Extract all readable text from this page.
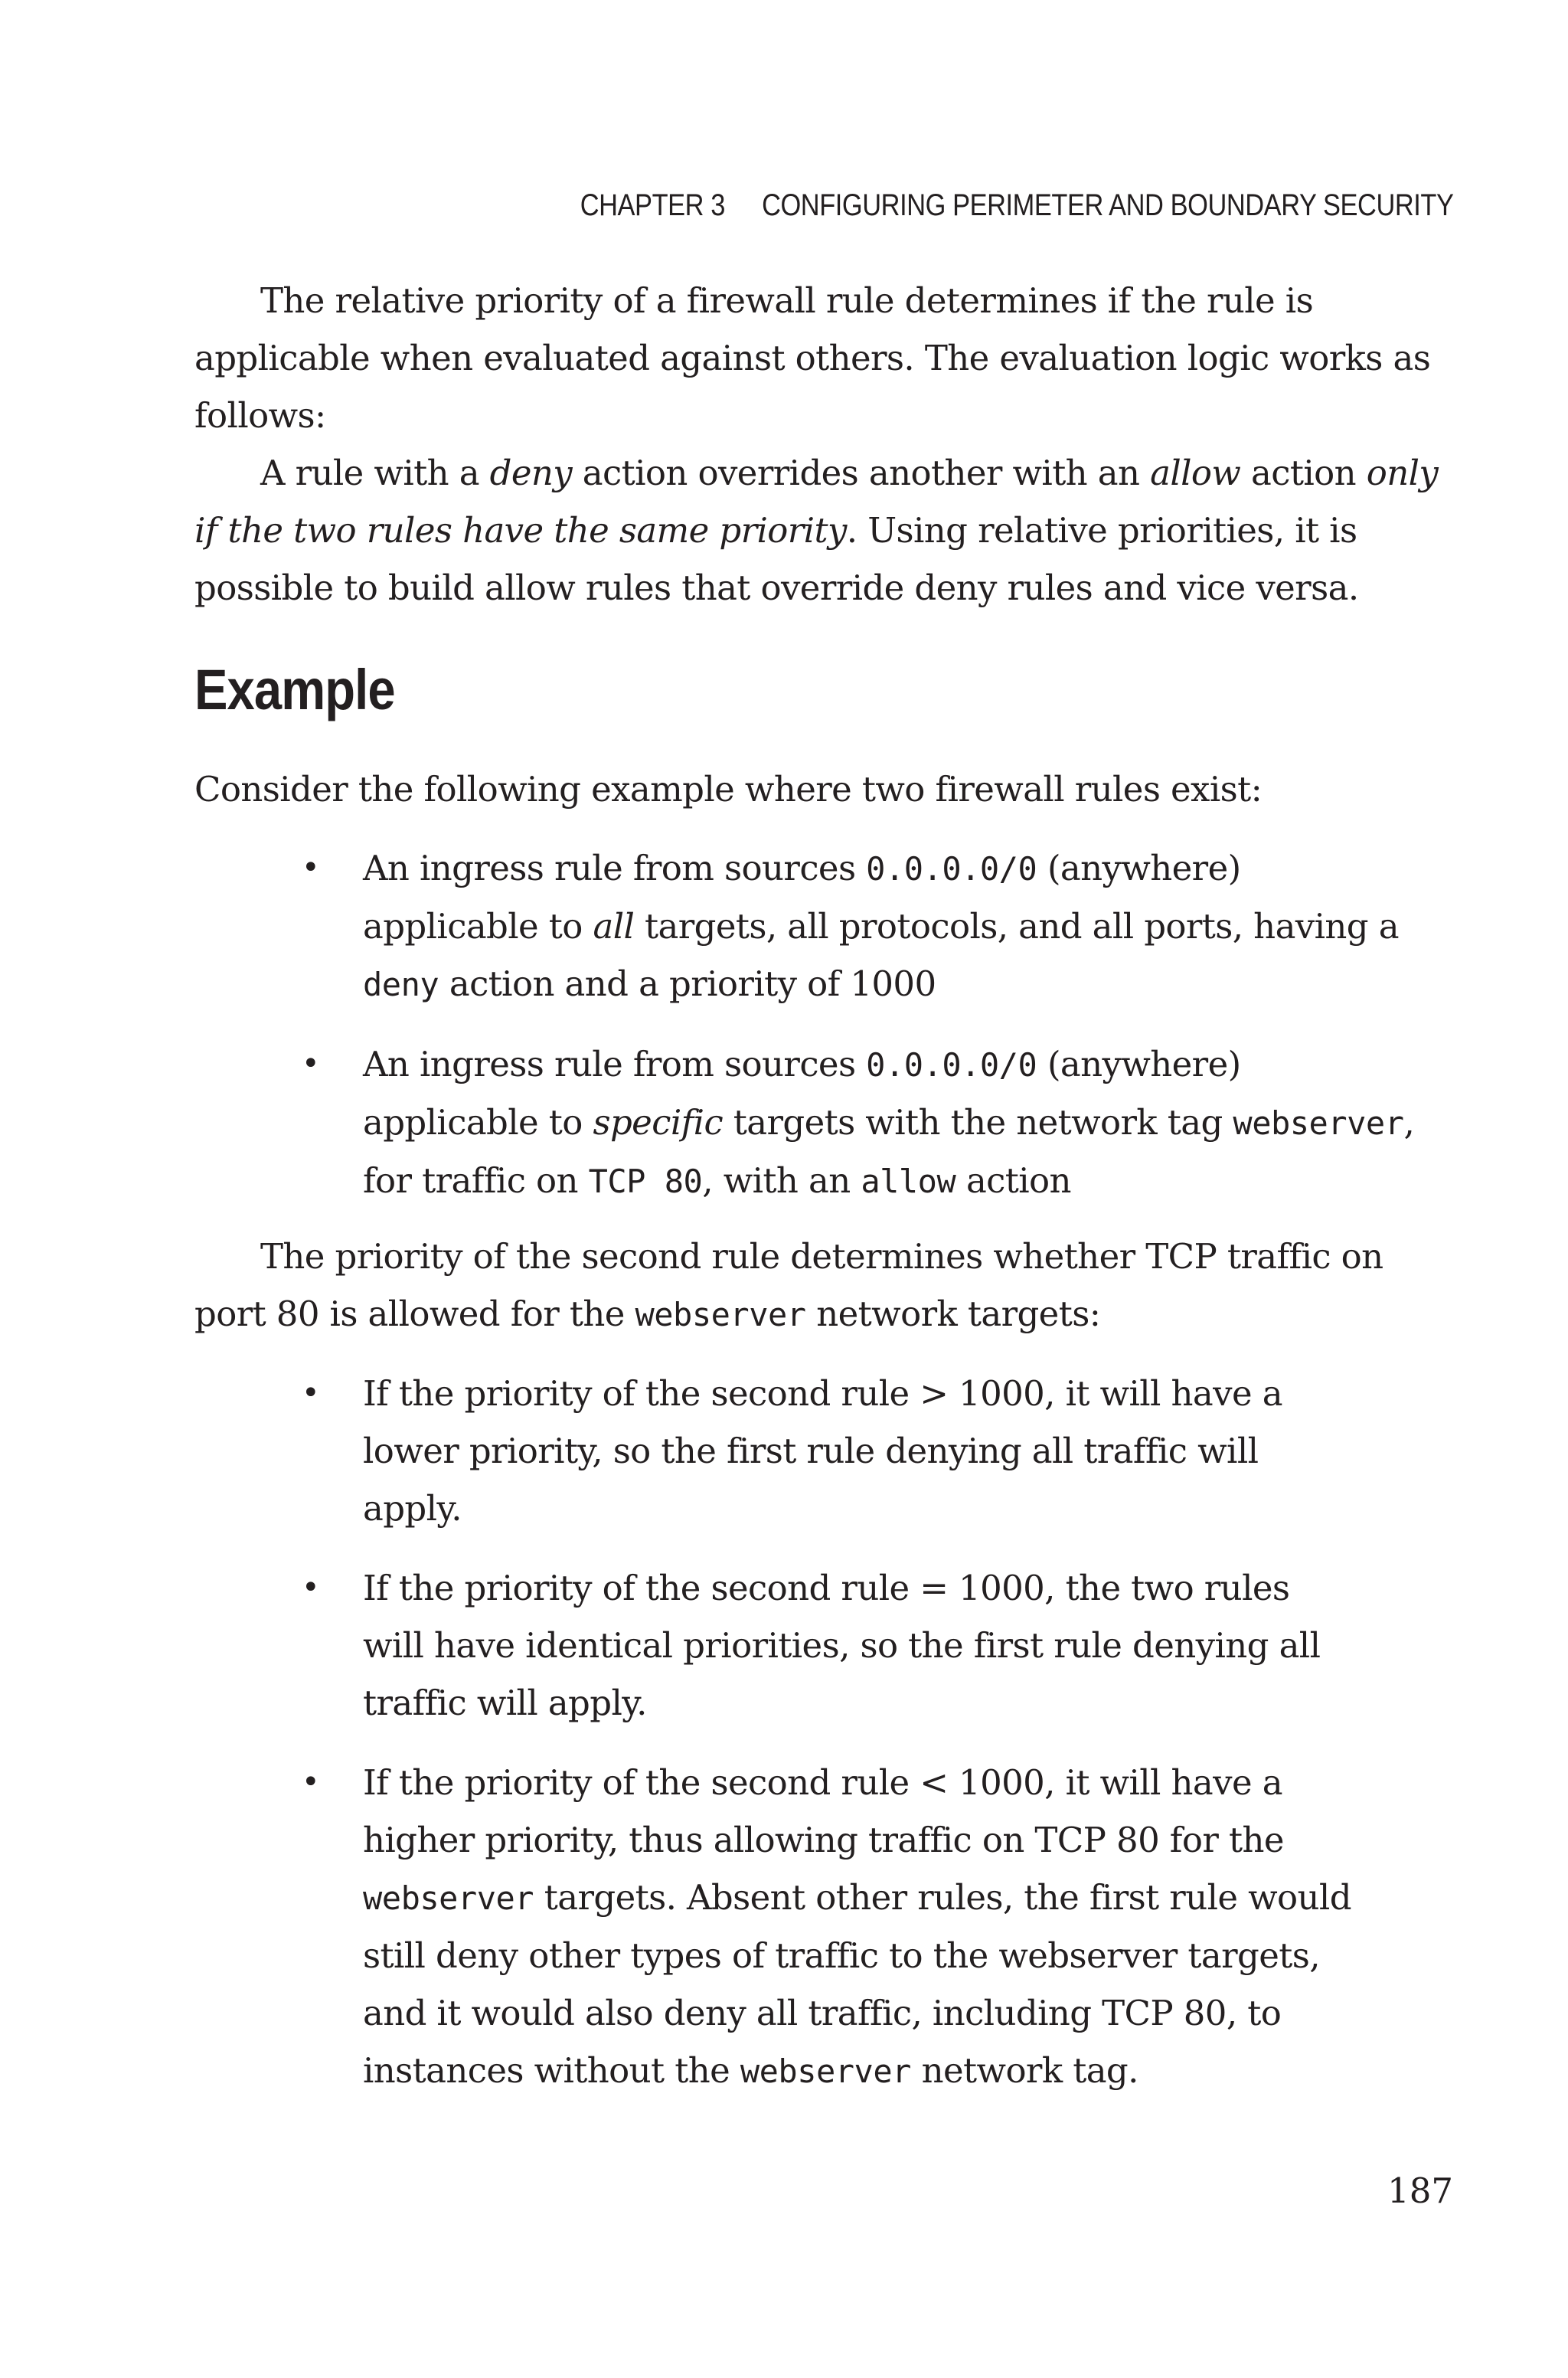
CHAPTER 3 CONFIGURING PERIMETER AND BOUNDARY SECURITY

The relative priority of a firewall rule determines if the rule is applicable when evaluated against others. The evaluation logic works as follows:

A rule with a deny action overrides another with an allow action only if the two rules have the same priority. Using relative priorities, it is possible to build allow rules that override deny rules and vice versa.

Example

Consider the following example where two firewall rules exist:

• An ingress rule from sources 0.0.0.0/0 (anywhere) applicable to all targets, all protocols, and all ports, having a deny action and a priority of 1000
• An ingress rule from sources 0.0.0.0/0 (anywhere) applicable to specific targets with the network tag webserver, for traffic on TCP 80, with an allow action

The priority of the second rule determines whether TCP traffic on port 80 is allowed for the webserver network targets:

• If the priority of the second rule > 1000, it will have a lower priority, so the first rule denying all traffic will apply.
• If the priority of the second rule = 1000, the two rules will have identical priorities, so the first rule denying all traffic will apply.
• If the priority of the second rule < 1000, it will have a higher priority, thus allowing traffic on TCP 80 for the webserver targets. Absent other rules, the first rule would still deny other types of traffic to the webserver targets, and it would also deny all traffic, including TCP 80, to instances without the webserver network tag.
187
